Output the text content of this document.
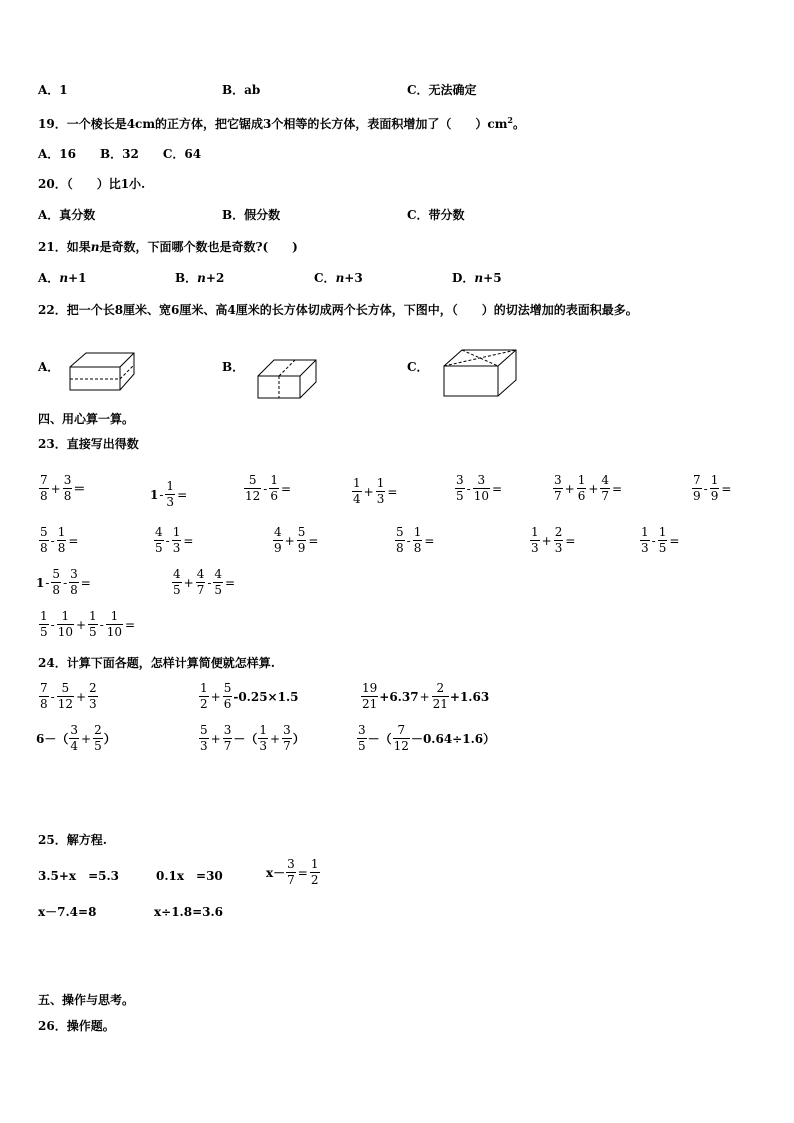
A．1	B．ab	C．无法确定
19．一个棱长是4cm的正方体，把它锯成3个相等的长方体，表面积增加了（　　）$cm^2$。
A．16　　B．32　　C．64
20．（　　）比1小.
A．真分数	B．假分数	C．带分数
21．如果n是奇数，下面哪个数也是奇数?(　　)
A．n+1	B．n+2	C．n+3	D．n+5
22．把一个长8厘米、宽6厘米、高4厘米的长方体切成两个长方体，下图中，（　　）的切法增加的表面积最多。
A．	B．	C．
四、用心算一算。
23．直接写出得数
$\frac{7}{8} + \frac{3}{8}$ ＝	$1 - \frac{1}{3}$ =	$\frac{5}{12} - \frac{1}{6}$ =	$\frac{1}{4} + \frac{1}{3}$ =	$\frac{3}{5} - \frac{3}{10}$ =	$\frac{3}{7} + \frac{1}{6} + \frac{4}{7}$ =	$\frac{7}{9} - \frac{1}{9}$ =
$\frac{5}{8} - \frac{1}{8}$ =	$\frac{4}{5} - \frac{1}{3}$ =	$\frac{4}{9} + \frac{5}{9}$ =	$\frac{5}{8} - \frac{1}{8}$ =	$\frac{1}{3} + \frac{2}{3}$ =	$\frac{1}{3} - \frac{1}{5}$ =
$1 - \frac{5}{8} - \frac{3}{8}$ =	$\frac{4}{5} + \frac{4}{7} - \frac{4}{5}$ =
$\frac{1}{5} - \frac{1}{10} + \frac{1}{5} - \frac{1}{10}$ =
24．计算下面各题，怎样计算简便就怎样算.
$\frac{7}{8} - \frac{5}{12} + \frac{2}{3}$	$\frac{1}{2} + \frac{5}{6} -0.25\times 1.5$	$\frac{19}{21} +6.37 + \frac{2}{21} +1.63$
$6-( \frac{3}{4} + \frac{2}{5}$ ）	$\frac{5}{3} + \frac{3}{7}$ －（ $\frac{1}{3} + \frac{3}{7}$ ）	$\frac{3}{5}$ －（ $\frac{7}{12} -0.64\div 1.6$）
25．解方程.
3.5+x　=5.3	0.1x　=30	$x- \frac{3}{7} = \frac{1}{2}$
x－7.4=8	x÷1.8=3.6
五、操作与思考。
26．操作题。
